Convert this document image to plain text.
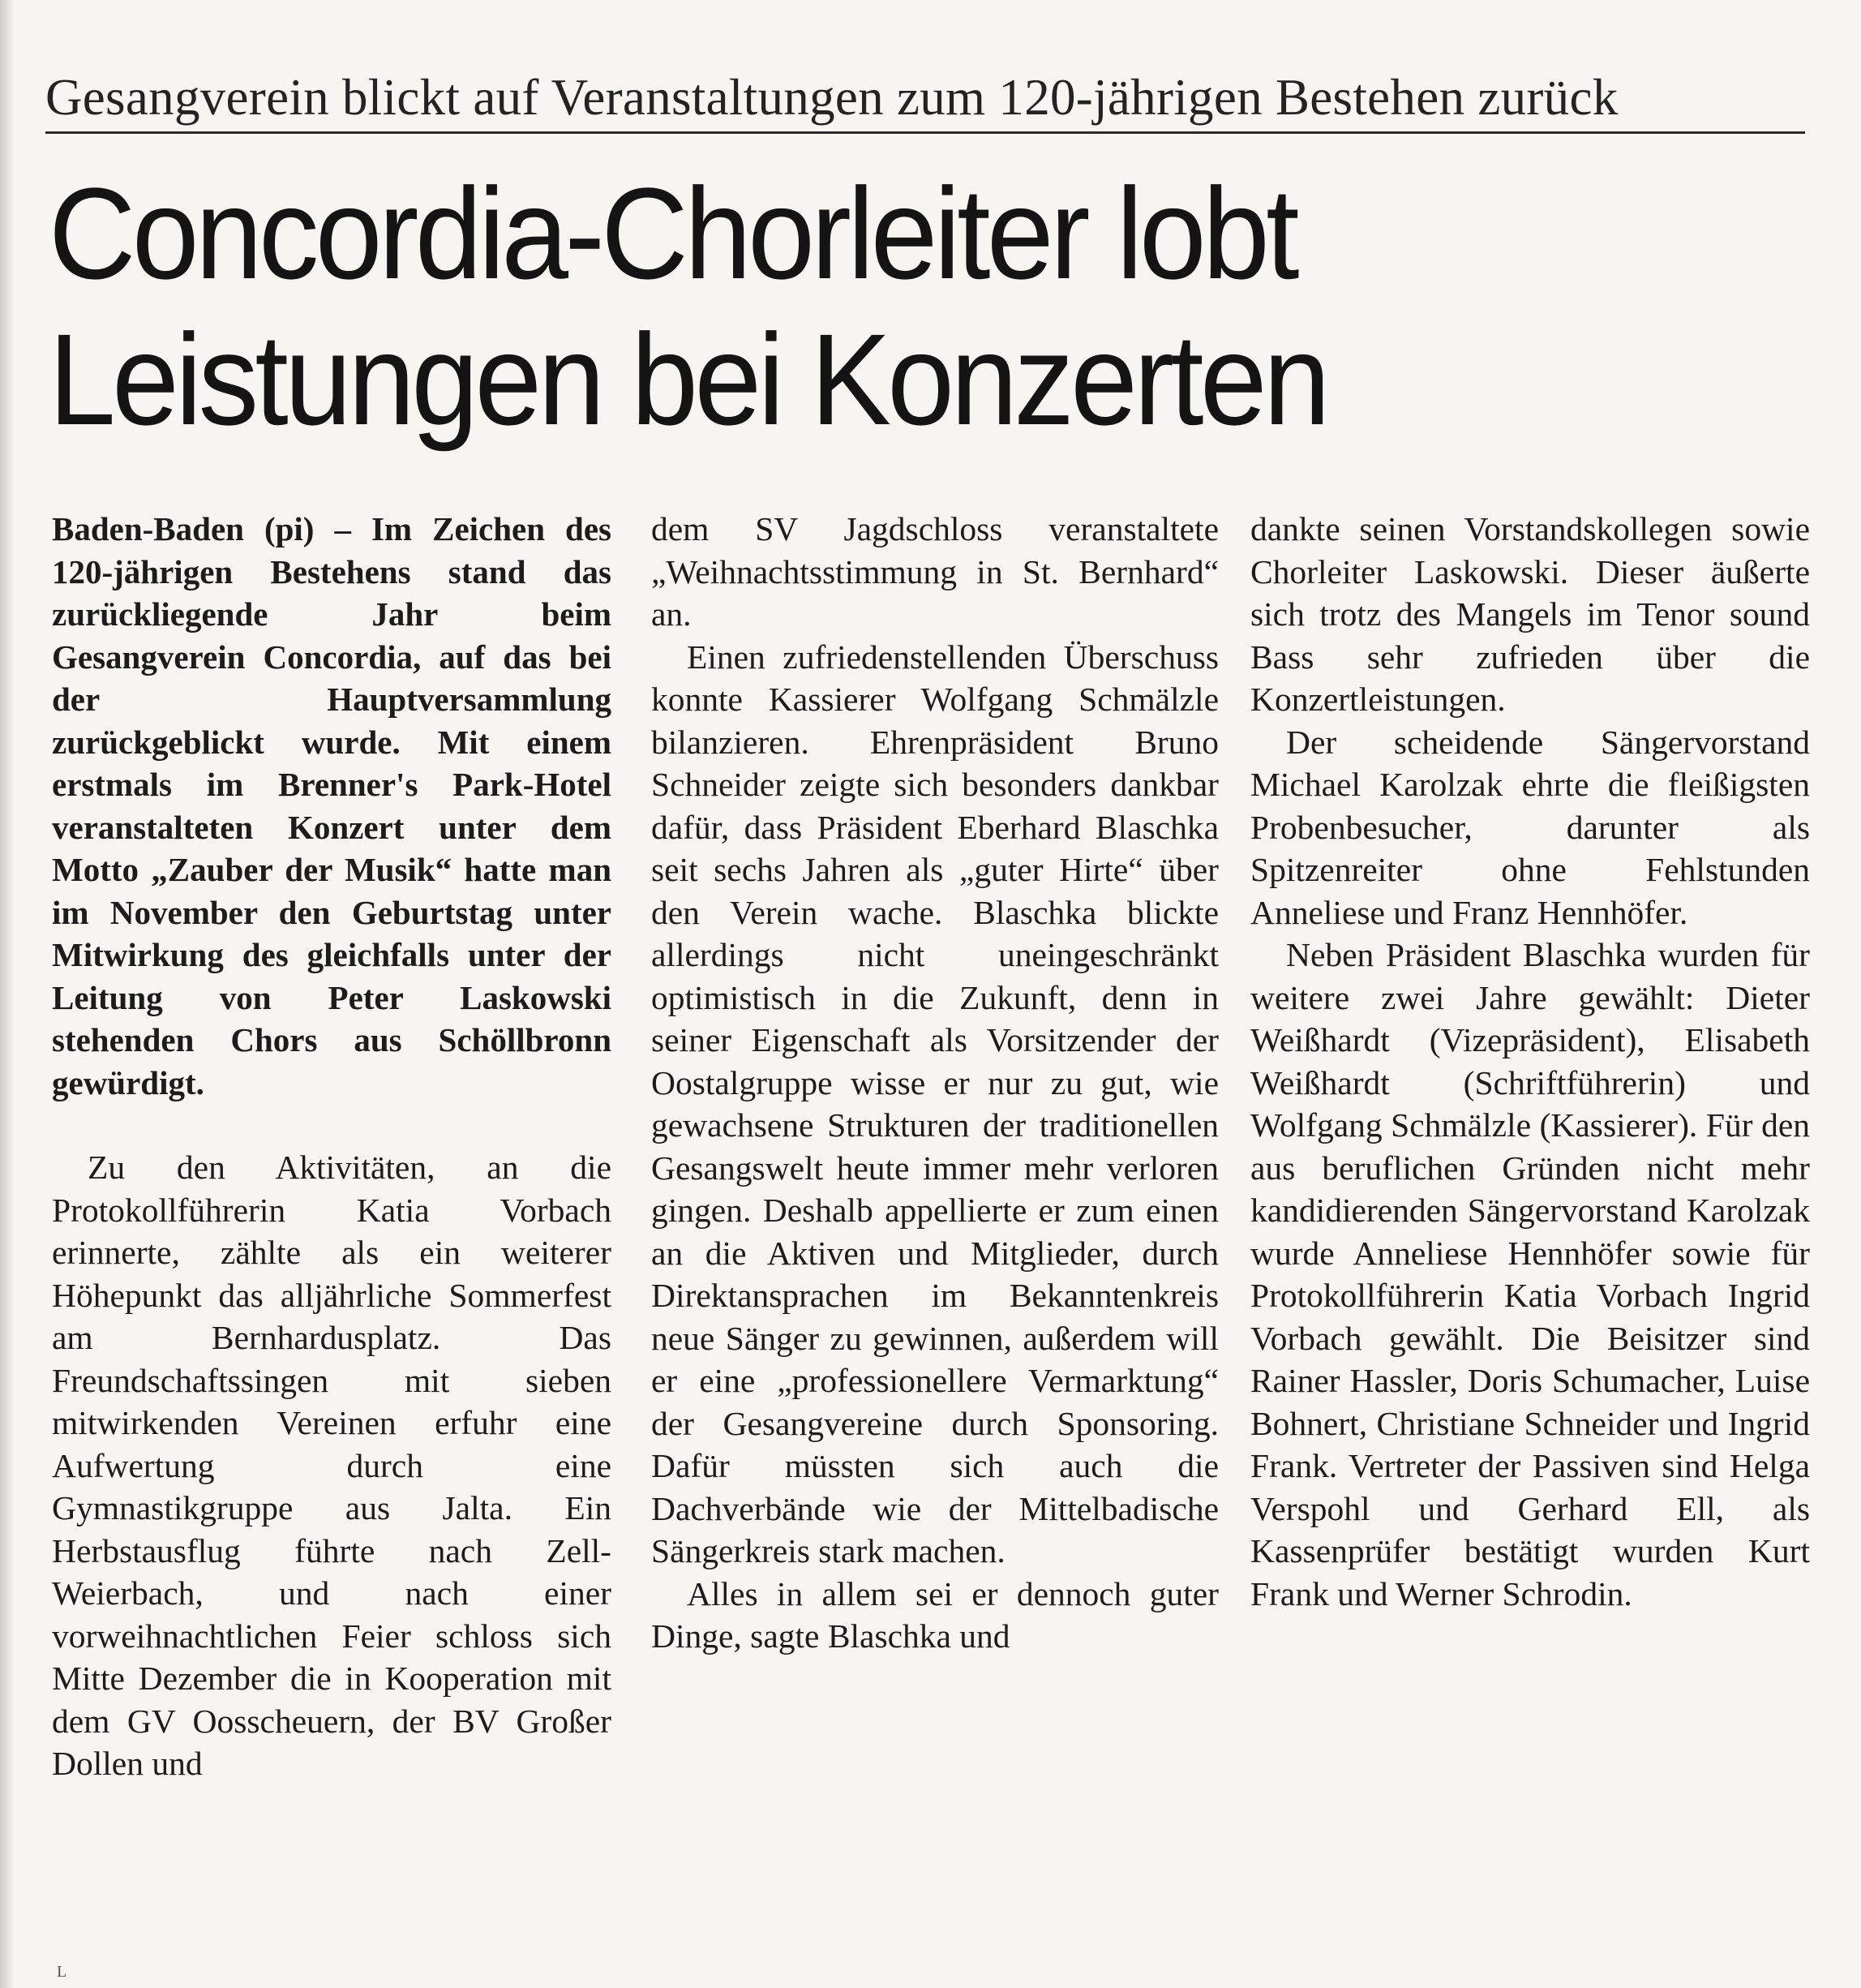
Gesangverein blickt auf Veranstaltungen zum 120-jährigen Bestehen zurück
Concordia-Chorleiter lobt
Leistungen bei Konzerten

Baden-Baden (pi) – Im Zeichen des 120-jährigen Bestehens stand das zurückliegende Jahr beim Gesangverein Concordia, auf das bei der Hauptversammlung zurückgeblickt wurde. Mit einem erstmals im Brenner's Park-Hotel veranstalteten Konzert unter dem Motto „Zauber der Musik“ hatte man im November den Geburtstag unter Mitwirkung des gleichfalls unter der Leitung von Peter Laskowski stehenden Chors aus Schöllbronn gewürdigt.

Zu den Aktivitäten, an die Protokollführerin Katia Vorbach erinnerte, zählte als ein weiterer Höhepunkt das alljährliche Sommerfest am Bernhardusplatz. Das Freundschaftssingen mit sieben mitwirkenden Vereinen erfuhr eine Aufwertung durch eine Gymnastikgruppe aus Jalta. Ein Herbstausflug führte nach Zell-Weierbach, und nach einer vorweihnachtlichen Feier schloss sich Mitte Dezember die in Kooperation mit dem GV Oosscheuern, der BV Großer Dollen und

dem SV Jagdschloss veranstaltete „Weihnachtsstimmung in St. Bernhard“ an.

Einen zufriedenstellenden Überschuss konnte Kassierer Wolfgang Schmälzle bilanzieren. Ehrenpräsident Bruno Schneider zeigte sich besonders dankbar dafür, dass Präsident Eberhard Blaschka seit sechs Jahren als „guter Hirte“ über den Verein wache. Blaschka blickte allerdings nicht uneingeschränkt optimistisch in die Zukunft, denn in seiner Eigenschaft als Vorsitzender der Oostalgruppe wisse er nur zu gut, wie gewachsene Strukturen der traditionellen Gesangswelt heute immer mehr verloren gingen. Deshalb appellierte er zum einen an die Aktiven und Mitglieder, durch Direktansprachen im Bekanntenkreis neue Sänger zu gewinnen, außerdem will er eine „professionellere Vermarktung“ der Gesangvereine durch Sponsoring. Dafür müssten sich auch die Dachverbände wie der Mittelbadische Sängerkreis stark machen.

Alles in allem sei er dennoch guter Dinge, sagte Blaschka und

dankte seinen Vorstandskollegen sowie Chorleiter Laskowski. Dieser äußerte sich trotz des Mangels im Tenor sound Bass sehr zufrieden über die Konzertleistungen.

Der scheidende Sängervorstand Michael Karolzak ehrte die fleißigsten Probenbesucher, darunter als Spitzenreiter ohne Fehlstunden Anneliese und Franz Hennhöfer.

Neben Präsident Blaschka wurden für weitere zwei Jahre gewählt: Dieter Weißhardt (Vizepräsident), Elisabeth Weißhardt (Schriftführerin) und Wolfgang Schmälzle (Kassierer). Für den aus beruflichen Gründen nicht mehr kandidierenden Sängervorstand Karolzak wurde Anneliese Hennhöfer sowie für Protokollführerin Katia Vorbach Ingrid Vorbach gewählt. Die Beisitzer sind Rainer Hassler, Doris Schumacher, Luise Bohnert, Christiane Schneider und Ingrid Frank. Vertreter der Passiven sind Helga Verspohl und Gerhard Ell, als Kassenprüfer bestätigt wurden Kurt Frank und Werner Schrodin.

L
